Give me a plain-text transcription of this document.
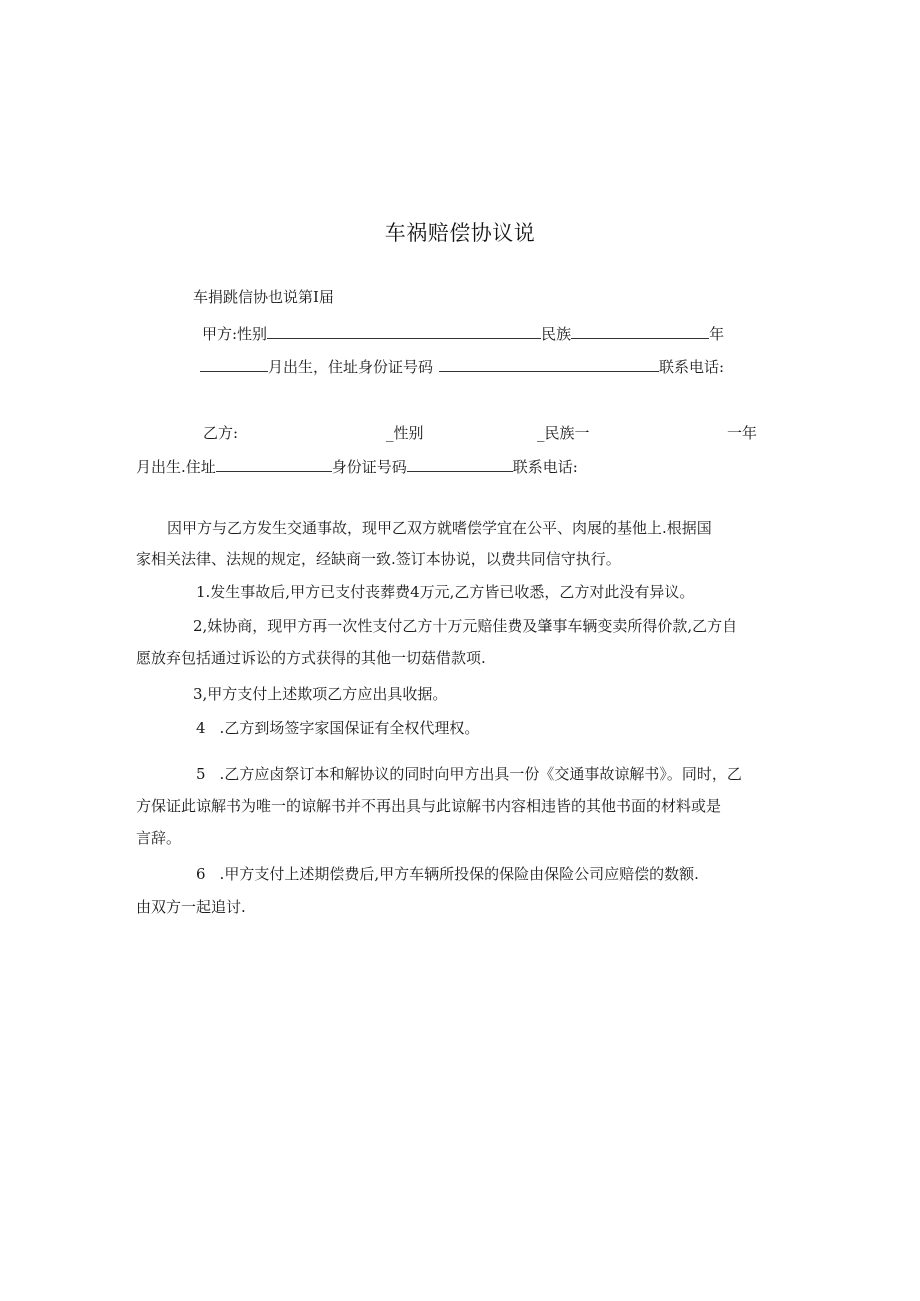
车祸赔偿协议说
车捐跳信协也说第I届
甲方:性别	民族	年
月出生，住址身份证号码	联系电话:
乙方:	_性别	_民族一	一年
月出生.住址	身份证号码	联系电话:
因甲方与乙方发生交通事故，现甲乙双方就嗜偿学宜在公平、肉展的基他上.根据国
家相关法律、法规的规定，经缺商一致.签订本协说，以费共同信守执行。
1.发生事故后,甲方已支付丧葬费4万元,乙方皆已收悉，乙方对此没有异议。
2,妹协商，现甲方再一次性支付乙方十万元赔佳费及肇事车辆变卖所得价款,乙方自
愿放弃包括通过诉讼的方式获得的其他一切菇借款项.
3,甲方支付上述欺项乙方应出具收据。
4 .乙方到场签字家国保证有全权代理权。
5 .乙方应卤祭订本和解协议的同时向甲方出具一份《交通事故谅解书》。同时，乙
方保证此谅解书为唯一的谅解书并不再出具与此谅解书内容相违皆的其他书面的材料或是
言辞。
6 .甲方支付上述期偿费后,甲方车辆所投保的保险由保险公司应赔偿的数额.
由双方一起追讨.
